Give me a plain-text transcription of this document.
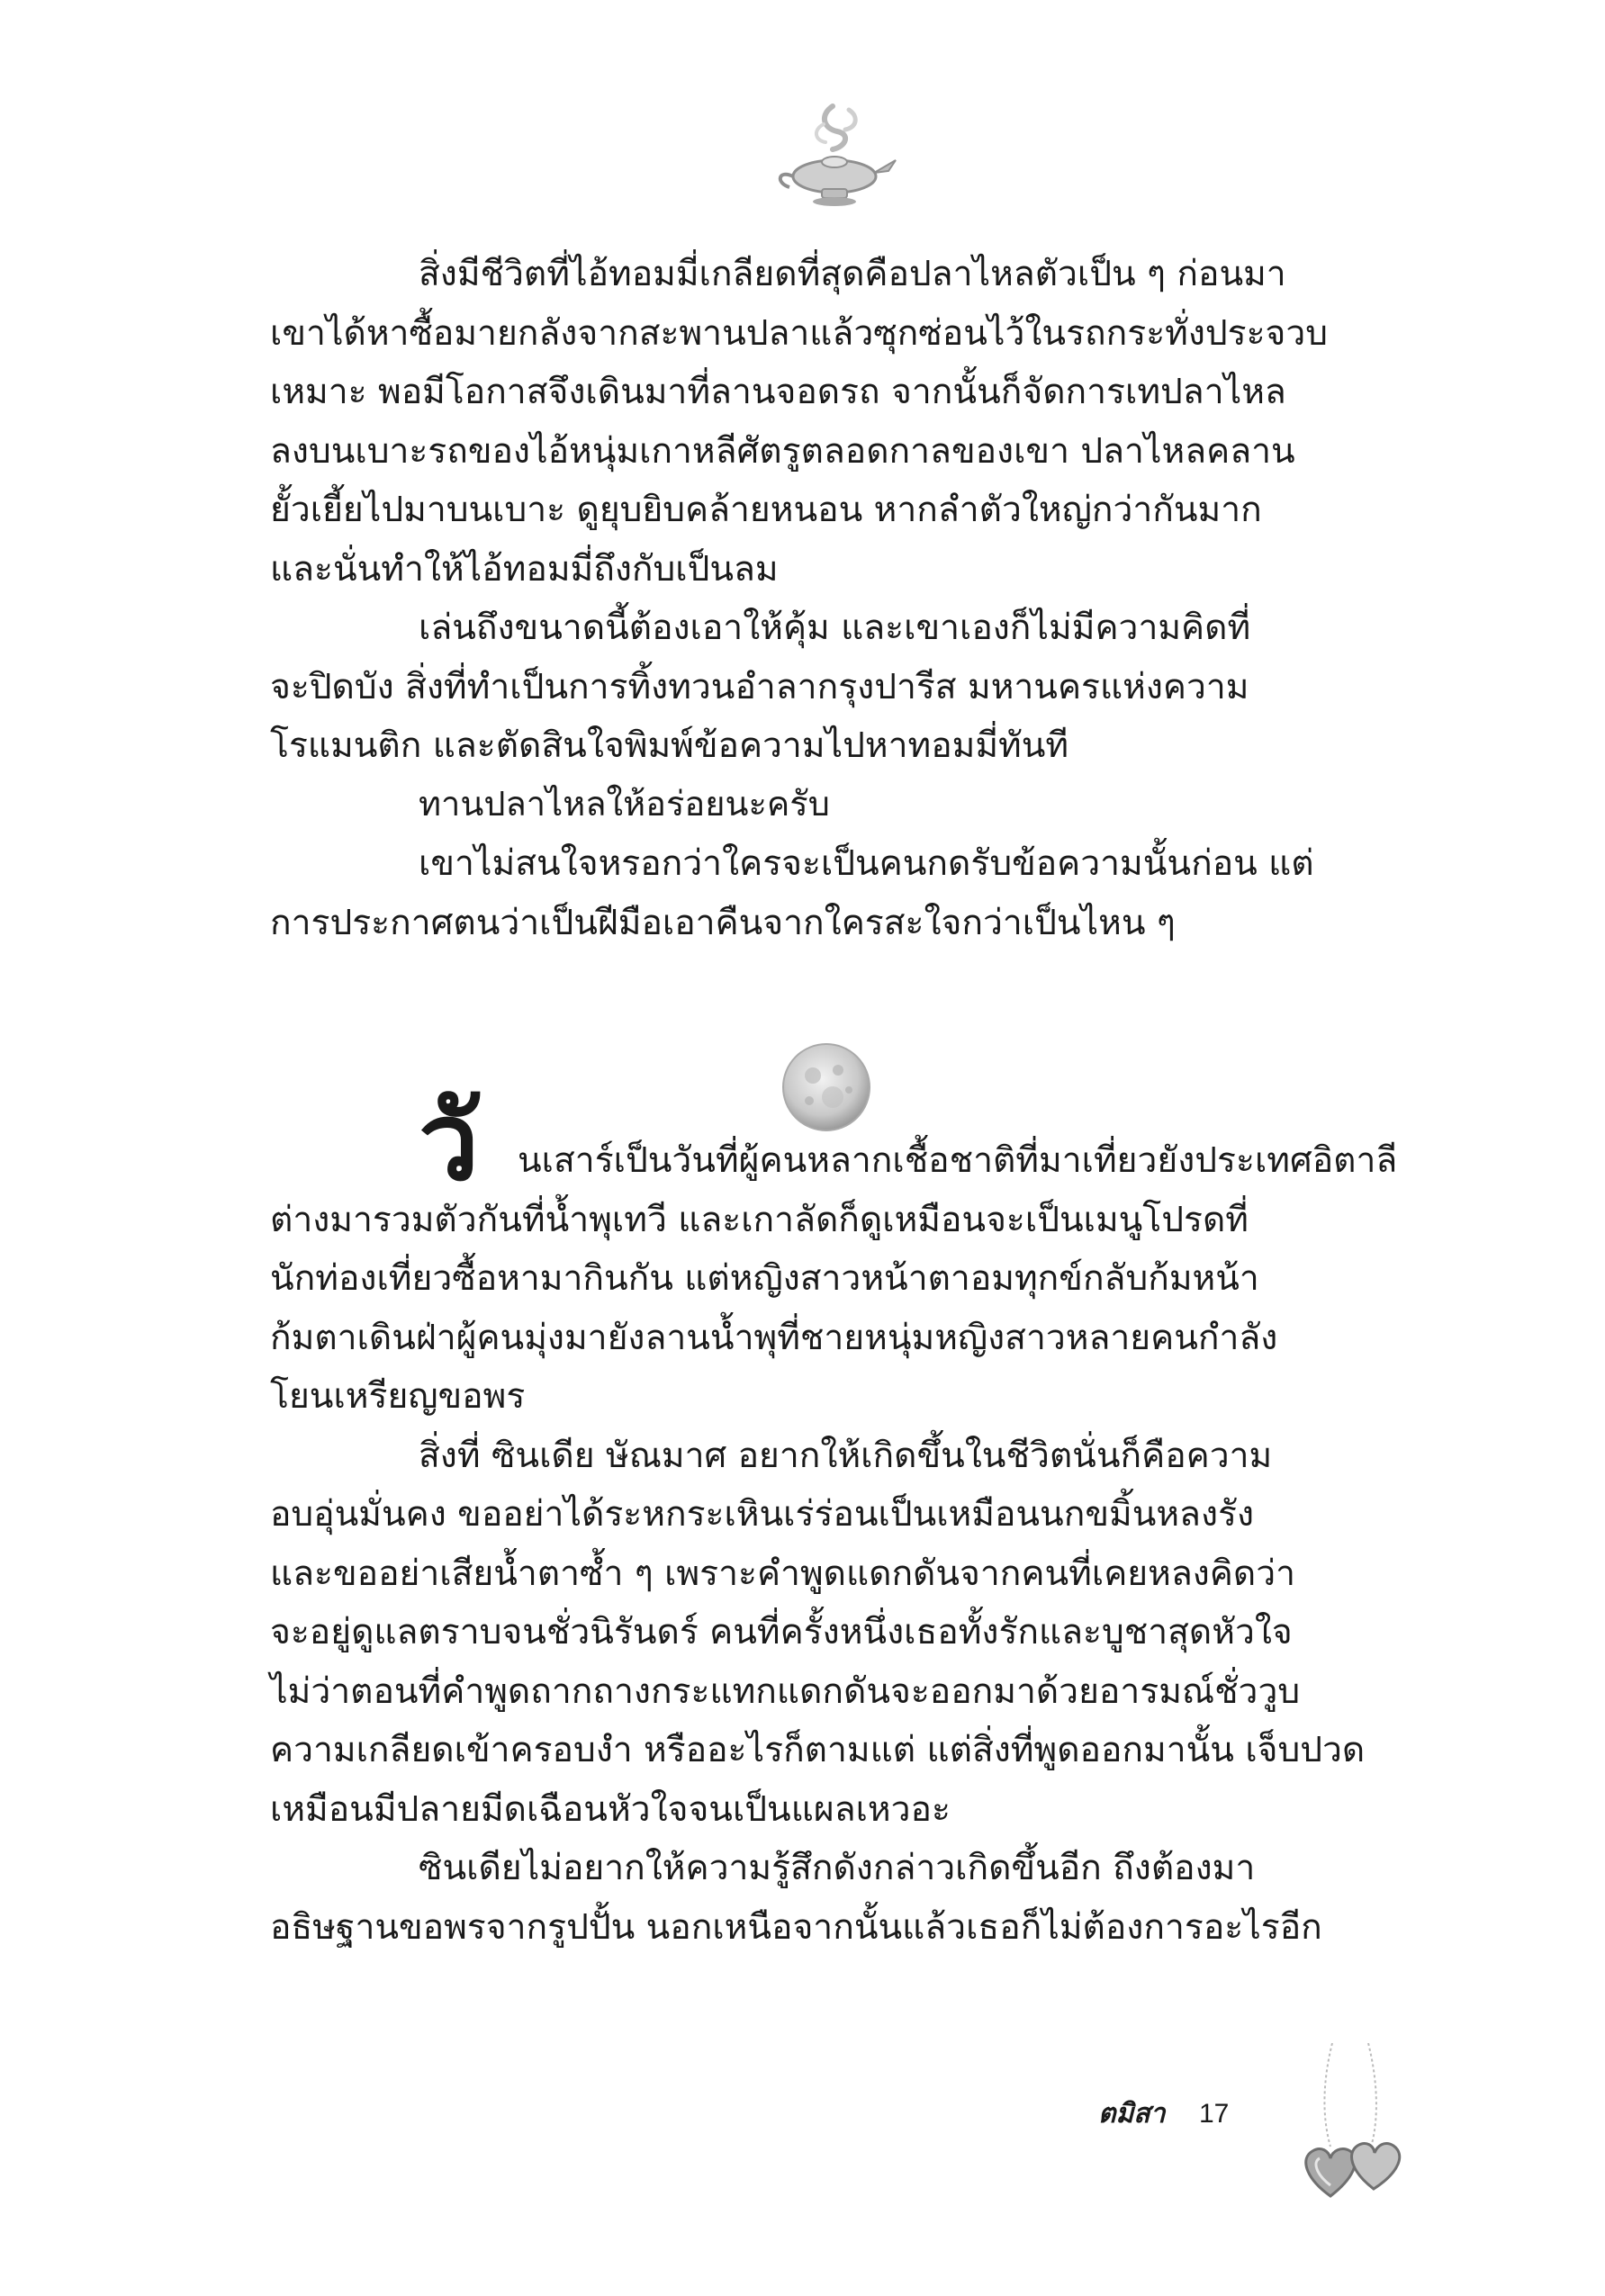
สิ่งมีชีวิตที่ไอ้ทอมมี่เกลียดที่สุดคือปลาไหลตัวเป็น ๆ ก่อนมา
เขาได้หาซื้อมายกลังจากสะพานปลาแล้วซุกซ่อนไว้ในรถกระทั่งประจวบ
เหมาะ พอมีโอกาสจึงเดินมาที่ลานจอดรถ จากนั้นก็จัดการเทปลาไหล
ลงบนเบาะรถของไอ้หนุ่มเกาหลีศัตรูตลอดกาลของเขา ปลาไหลคลาน
ยั้วเยี้ยไปมาบนเบาะ ดูยุบยิบคล้ายหนอน หากลำตัวใหญ่กว่ากันมาก
และนั่นทำให้ไอ้ทอมมี่ถึงกับเป็นลม
เล่นถึงขนาดนี้ต้องเอาให้คุ้ม และเขาเองก็ไม่มีความคิดที่
จะปิดบัง สิ่งที่ทำเป็นการทิ้งทวนอำลากรุงปารีส มหานครแห่งความ
โรแมนติก และตัดสินใจพิมพ์ข้อความไปหาทอมมี่ทันที
ทานปลาไหลให้อร่อยนะครับ
เขาไม่สนใจหรอกว่าใครจะเป็นคนกดรับข้อความนั้นก่อน แต่
การประกาศตนว่าเป็นฝีมือเอาคืนจากใครสะใจกว่าเป็นไหน ๆ
วั	นเสาร์เป็นวันที่ผู้คนหลากเชื้อชาติที่มาเที่ยวยังประเทศอิตาลี
ต่างมารวมตัวกันที่น้ำพุเทวี และเกาลัดก็ดูเหมือนจะเป็นเมนูโปรดที่
นักท่องเที่ยวซื้อหามากินกัน แต่หญิงสาวหน้าตาอมทุกข์กลับก้มหน้า
ก้มตาเดินฝ่าผู้คนมุ่งมายังลานน้ำพุที่ชายหนุ่มหญิงสาวหลายคนกำลัง
โยนเหรียญขอพร
สิ่งที่ ซินเดีย ษัณมาศ อยากให้เกิดขึ้นในชีวิตนั่นก็คือความ
อบอุ่นมั่นคง ขออย่าได้ระหกระเหินเร่ร่อนเป็นเหมือนนกขมิ้นหลงรัง
และขออย่าเสียน้ำตาซ้ำ ๆ เพราะคำพูดแดกดันจากคนที่เคยหลงคิดว่า
จะอยู่ดูแลตราบจนชั่วนิรันดร์ คนที่ครั้งหนึ่งเธอทั้งรักและบูชาสุดหัวใจ
ไม่ว่าตอนที่คำพูดถากถางกระแทกแดกดันจะออกมาด้วยอารมณ์ชั่ววูบ
ความเกลียดเข้าครอบงำ หรืออะไรก็ตามแต่ แต่สิ่งที่พูดออกมานั้น เจ็บปวด
เหมือนมีปลายมีดเฉือนหัวใจจนเป็นแผลเหวอะ
ซินเดียไม่อยากให้ความรู้สึกดังกล่าวเกิดขึ้นอีก ถึงต้องมา
อธิษฐานขอพรจากรูปปั้น นอกเหนือจากนั้นแล้วเธอก็ไม่ต้องการอะไรอีก
ตมิสา 17
